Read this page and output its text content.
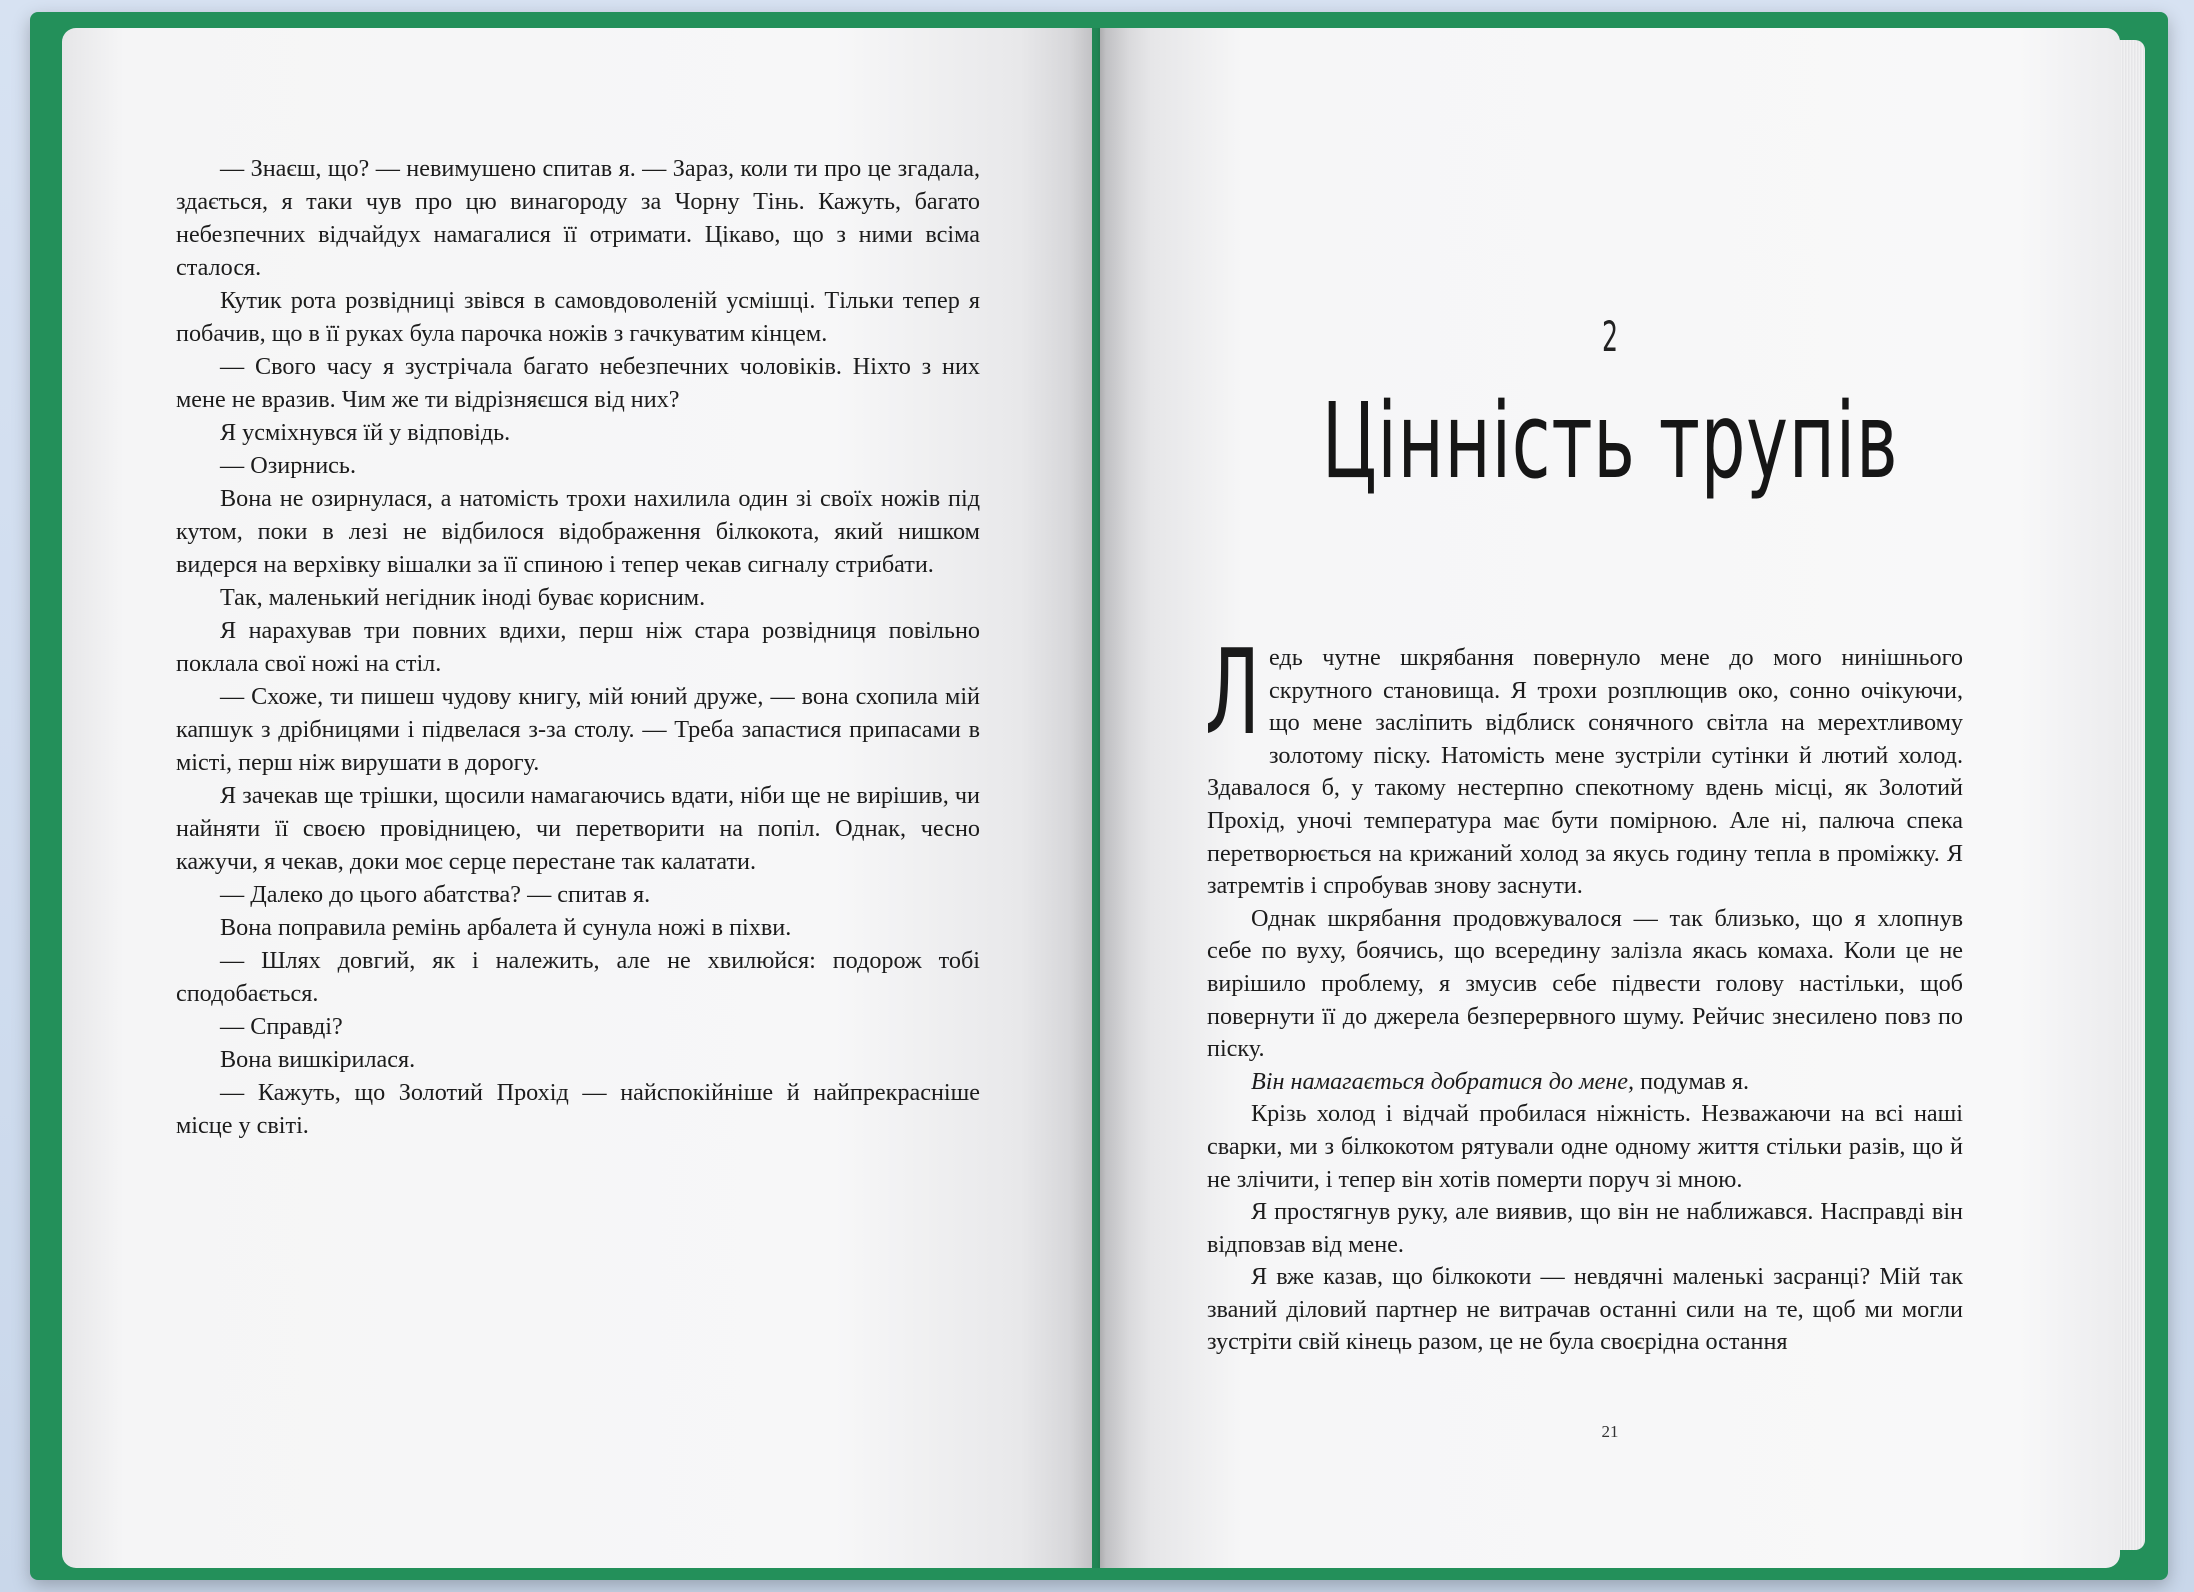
— Знаєш, що? — невимушено спитав я. — Зараз, коли ти про це згадала, здається, я таки чув про цю винагороду за Чорну Тінь. Кажуть, багато небезпечних відчайдух намагалися її отримати. Цікаво, що з ними всіма сталося.

Кутик рота розвідниці звівся в самовдоволеній усмішці. Тільки тепер я побачив, що в її руках була парочка ножів з гачкуватим кінцем.

— Свого часу я зустрічала багато небезпечних чоловіків. Ніхто з них мене не вразив. Чим же ти відрізняєшся від них?

Я усміхнувся їй у відповідь.

— Озирнись.

Вона не озирнулася, а натомість трохи нахилила один зі своїх ножів під кутом, поки в лезі не відбилося відображення білкокота, який нишком видерся на верхівку вішалки за її спиною і тепер чекав сигналу стрибати.

Так, маленький негідник іноді буває корисним.

Я нарахував три повних вдихи, перш ніж стара розвідниця повільно поклала свої ножі на стіл.

— Схоже, ти пишеш чудову книгу, мій юний друже, — вона схопила мій капшук з дрібницями і підвелася з-за столу. — Треба запастися припасами в місті, перш ніж вирушати в дорогу.

Я зачекав ще трішки, щосили намагаючись вдати, ніби ще не вирішив, чи найняти її своєю провідницею, чи перетворити на попіл. Однак, чесно кажучи, я чекав, доки моє серце перестане так калатати.

— Далеко до цього абатства? — спитав я.

Вона поправила ремінь арбалета й сунула ножі в піхви.

— Шлях довгий, як і належить, але не хвилюйся: подорож тобі сподобається.

— Справді?

Вона вишкірилася.

— Кажуть, що Золотий Прохід — найспокійніше й найпрекрасніше місце у світі.

2
Цінність трупів

Ледь чутне шкрябання повернуло мене до мого нинішнього скрутного становища. Я трохи розплющив око, сонно очікуючи, що мене засліпить відблиск сонячного світла на мерехтливому золотому піску. Натомість мене зустріли сутінки й лютий холод. Здавалося б, у такому нестерпно спекотному вдень місці, як Золотий Прохід, уночі температура має бути помірною. Але ні, палюча спека перетворюється на крижаний холод за якусь годину тепла в проміжку. Я затремтів і спробував знову заснути.

Однак шкрябання продовжувалося — так близько, що я хлопнув себе по вуху, боячись, що всередину залізла якась комаха. Коли це не вирішило проблему, я змусив себе підвести голову настільки, щоб повернути її до джерела безперервного шуму. Рейчис знесилено повз по піску.

Він намагається добратися до мене, подумав я.

Крізь холод і відчай пробилася ніжність. Незважаючи на всі наші сварки, ми з білкокотом рятували одне одному життя стільки разів, що й не злічити, і тепер він хотів померти поруч зі мною.

Я простягнув руку, але виявив, що він не наближався. Насправді він відповзав від мене.

Я вже казав, що білкокоти — невдячні маленькі засранці? Мій так званий діловий партнер не витрачав останні сили на те, щоб ми могли зустріти свій кінець разом, це не була своєрідна остання

21
